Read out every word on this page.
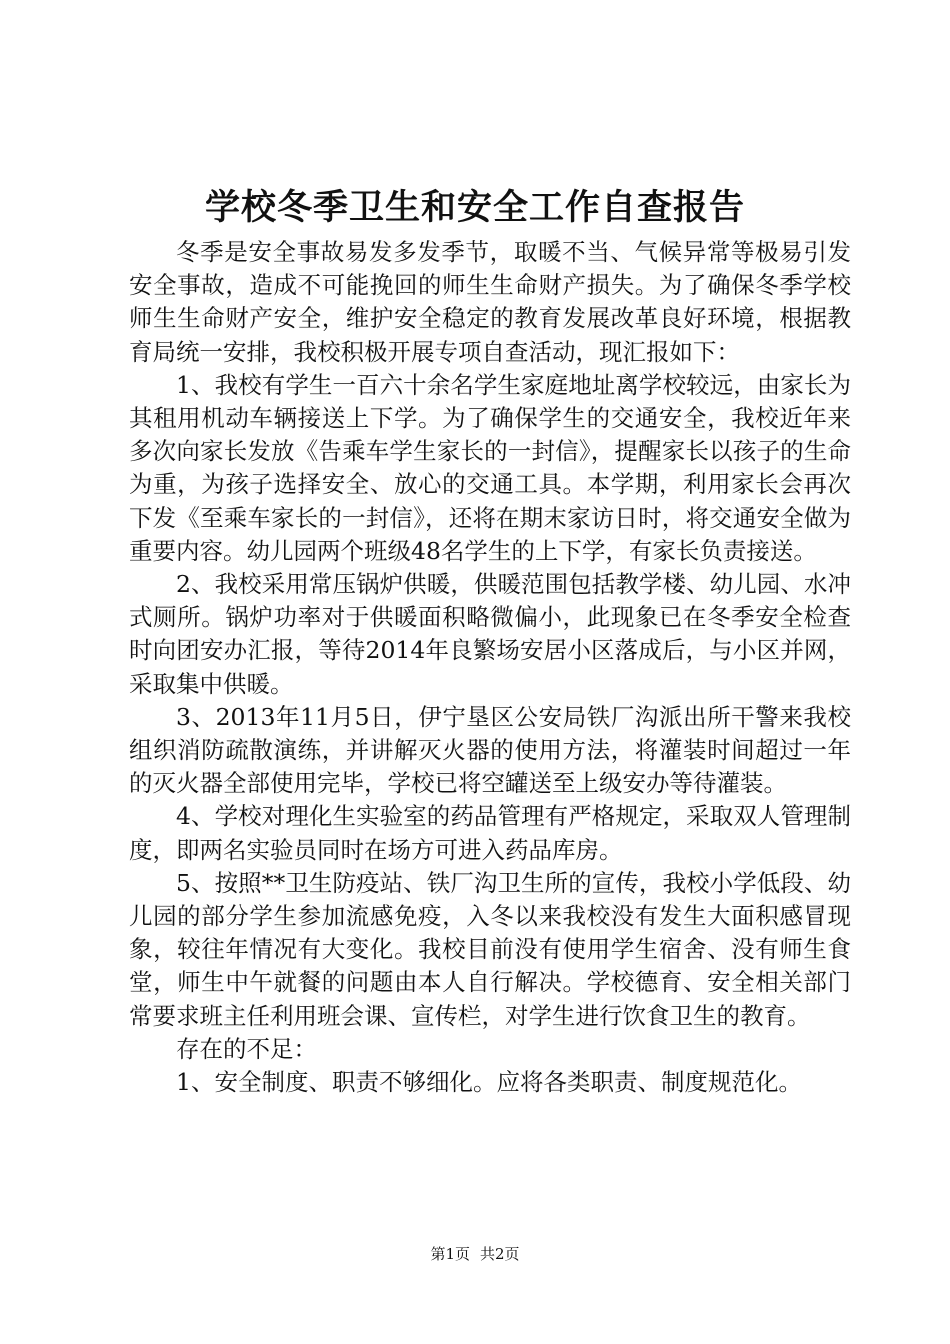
学校冬季卫生和安全工作自查报告

冬季是安全事故易发多发季节，取暖不当、气候异常等极易引发安全事故，造成不可能挽回的师生生命财产损失。为了确保冬季学校师生生命财产安全，维护安全稳定的教育发展改革良好环境，根据教育局统一安排，我校积极开展专项自查活动，现汇报如下：

1、我校有学生一百六十余名学生家庭地址离学校较远，由家长为其租用机动车辆接送上下学。为了确保学生的交通安全，我校近年来多次向家长发放《告乘车学生家长的一封信》，提醒家长以孩子的生命为重，为孩子选择安全、放心的交通工具。本学期，利用家长会再次下发《至乘车家长的一封信》，还将在期末家访日时，将交通安全做为重要内容。幼儿园两个班级48名学生的上下学，有家长负责接送。

2、我校采用常压锅炉供暖，供暖范围包括教学楼、幼儿园、水冲式厕所。锅炉功率对于供暖面积略微偏小，此现象已在冬季安全检查时向团安办汇报，等待2014年良繁场安居小区落成后，与小区并网，采取集中供暖。

3、2013年11月5日，伊宁垦区公安局铁厂沟派出所干警来我校组织消防疏散演练，并讲解灭火器的使用方法，将灌装时间超过一年的灭火器全部使用完毕，学校已将空罐送至上级安办等待灌装。

4、学校对理化生实验室的药品管理有严格规定，采取双人管理制度，即两名实验员同时在场方可进入药品库房。

5、按照**卫生防疫站、铁厂沟卫生所的宣传，我校小学低段、幼儿园的部分学生参加流感免疫，入冬以来我校没有发生大面积感冒现象，较往年情况有大变化。我校目前没有使用学生宿舍、没有师生食堂，师生中午就餐的问题由本人自行解决。学校德育、安全相关部门常要求班主任利用班会课、宣传栏，对学生进行饮食卫生的教育。

存在的不足：

1、安全制度、职责不够细化。应将各类职责、制度规范化。

第1页 共2页
